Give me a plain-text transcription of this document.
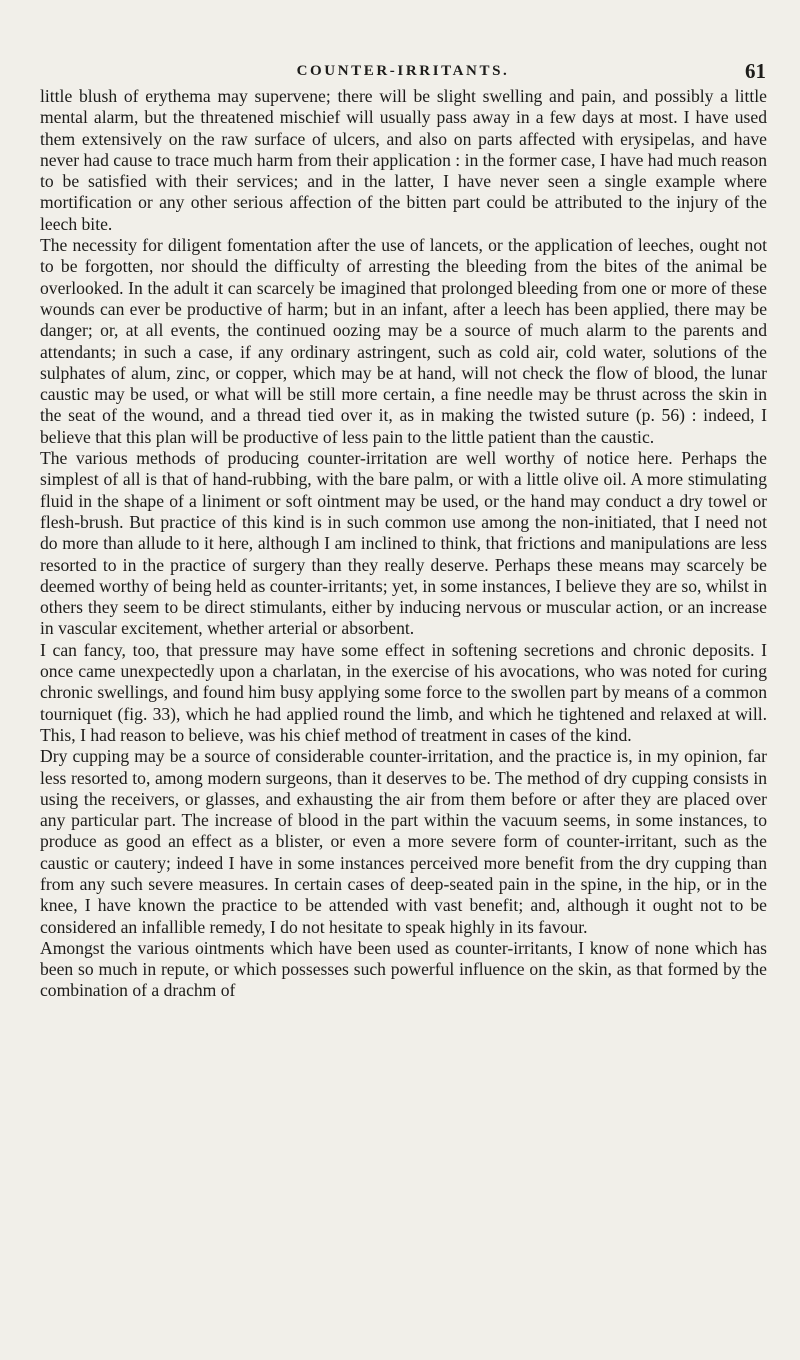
COUNTER-IRRITANTS.	61

little blush of erythema may supervene; there will be slight swelling and pain, and possibly a little mental alarm, but the threatened mischief will usually pass away in a few days at most. I have used them extensively on the raw surface of ulcers, and also on parts affected with erysipelas, and have never had cause to trace much harm from their application : in the former case, I have had much reason to be satisfied with their services; and in the latter, I have never seen a single example where mortification or any other serious affection of the bitten part could be attributed to the injury of the leech bite.

The necessity for diligent fomentation after the use of lancets, or the application of leeches, ought not to be forgotten, nor should the difficulty of arresting the bleeding from the bites of the animal be overlooked. In the adult it can scarcely be imagined that prolonged bleeding from one or more of these wounds can ever be productive of harm; but in an infant, after a leech has been applied, there may be danger; or, at all events, the continued oozing may be a source of much alarm to the parents and attendants; in such a case, if any ordinary astringent, such as cold air, cold water, solutions of the sulphates of alum, zinc, or copper, which may be at hand, will not check the flow of blood, the lunar caustic may be used, or what will be still more certain, a fine needle may be thrust across the skin in the seat of the wound, and a thread tied over it, as in making the twisted suture (p. 56) : indeed, I believe that this plan will be productive of less pain to the little patient than the caustic.

The various methods of producing counter-irritation are well worthy of notice here. Perhaps the simplest of all is that of hand-rubbing, with the bare palm, or with a little olive oil. A more stimulating fluid in the shape of a liniment or soft ointment may be used, or the hand may conduct a dry towel or flesh-brush. But practice of this kind is in such common use among the non-initiated, that I need not do more than allude to it here, although I am inclined to think, that frictions and manipulations are less resorted to in the practice of surgery than they really deserve. Perhaps these means may scarcely be deemed worthy of being held as counter-irritants; yet, in some instances, I believe they are so, whilst in others they seem to be direct stimulants, either by inducing nervous or muscular action, or an increase in vascular excitement, whether arterial or absorbent.

I can fancy, too, that pressure may have some effect in softening secretions and chronic deposits. I once came unexpectedly upon a charlatan, in the exercise of his avocations, who was noted for curing chronic swellings, and found him busy applying some force to the swollen part by means of a common tourniquet (fig. 33), which he had applied round the limb, and which he tightened and relaxed at will. This, I had reason to believe, was his chief method of treatment in cases of the kind.

Dry cupping may be a source of considerable counter-irritation, and the practice is, in my opinion, far less resorted to, among modern surgeons, than it deserves to be. The method of dry cupping consists in using the receivers, or glasses, and exhausting the air from them before or after they are placed over any particular part. The increase of blood in the part within the vacuum seems, in some instances, to produce as good an effect as a blister, or even a more severe form of counter-irritant, such as the caustic or cautery; indeed I have in some instances perceived more benefit from the dry cupping than from any such severe measures. In certain cases of deep-seated pain in the spine, in the hip, or in the knee, I have known the practice to be attended with vast benefit; and, although it ought not to be considered an infallible remedy, I do not hesitate to speak highly in its favour.

Amongst the various ointments which have been used as counter-irritants, I know of none which has been so much in repute, or which possesses such powerful influence on the skin, as that formed by the combination of a drachm of
